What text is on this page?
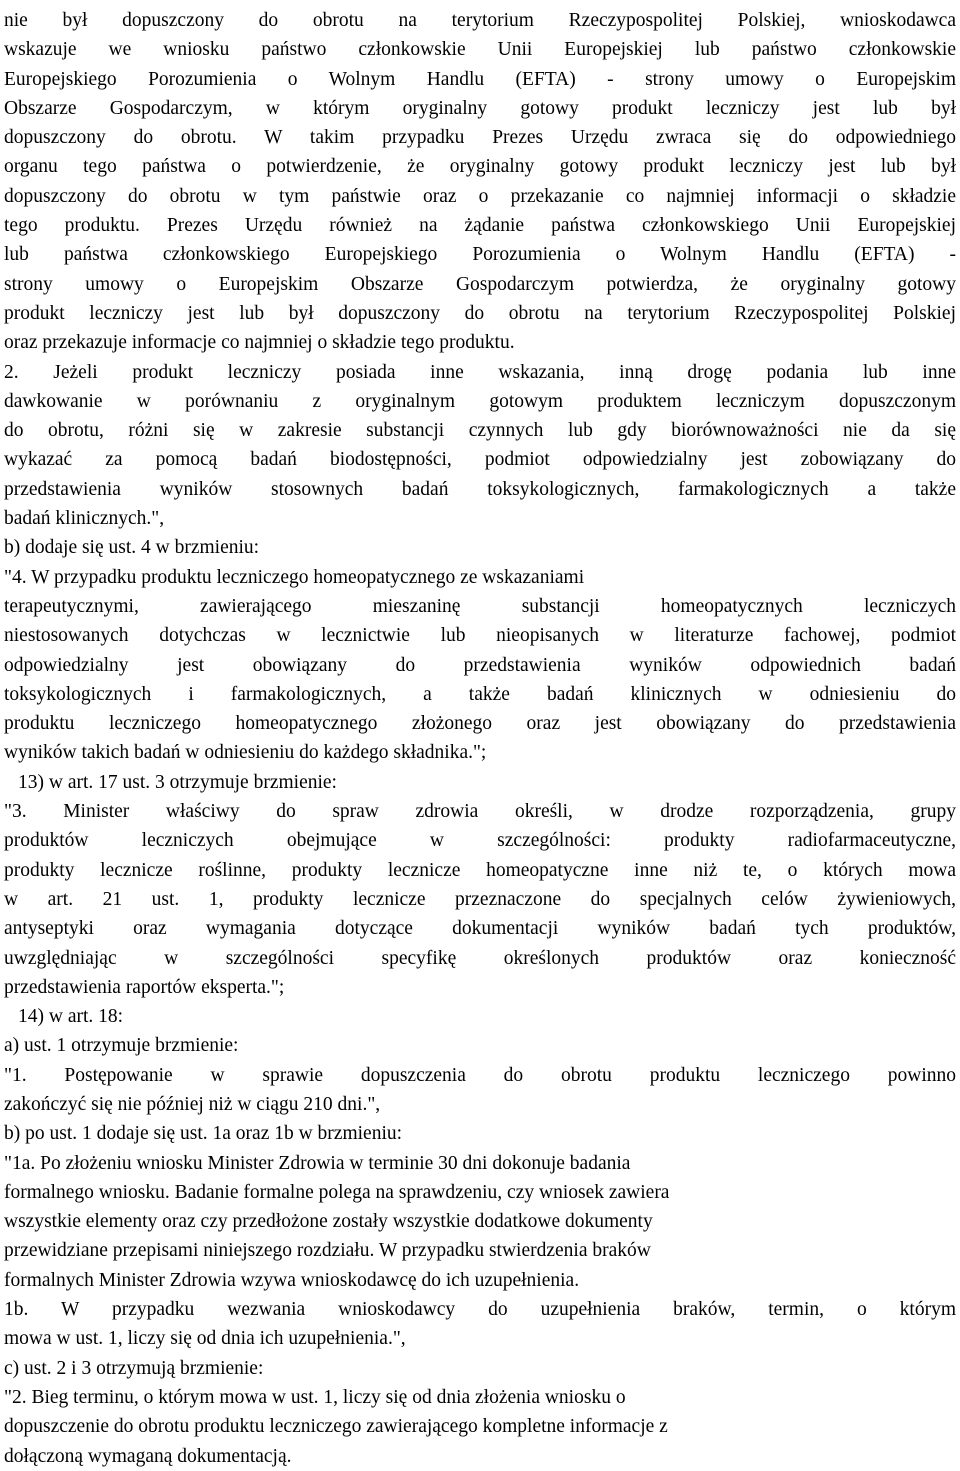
nie był dopuszczony do obrotu na terytorium Rzeczypospolitej Polskiej, wnioskodawca
wskazuje we wniosku państwo członkowskie Unii Europejskiej lub państwo członkowskie
Europejskiego Porozumienia o Wolnym Handlu (EFTA) - strony umowy o Europejskim
Obszarze Gospodarczym, w którym oryginalny gotowy produkt leczniczy jest lub był
dopuszczony do obrotu. W takim przypadku Prezes Urzędu zwraca się do odpowiedniego
organu tego państwa o potwierdzenie, że oryginalny gotowy produkt leczniczy jest lub był
dopuszczony do obrotu w tym państwie oraz o przekazanie co najmniej informacji o składzie
tego produktu. Prezes Urzędu również na żądanie państwa członkowskiego Unii Europejskiej
lub państwa członkowskiego Europejskiego Porozumienia o Wolnym Handlu (EFTA) -
strony umowy o Europejskim Obszarze Gospodarczym potwierdza, że oryginalny gotowy
produkt leczniczy jest lub był dopuszczony do obrotu na terytorium Rzeczypospolitej Polskiej
oraz przekazuje informacje co najmniej o składzie tego produktu.
2. Jeżeli produkt leczniczy posiada inne wskazania, inną drogę podania lub inne
dawkowanie w porównaniu z oryginalnym gotowym produktem leczniczym dopuszczonym
do obrotu, różni się w zakresie substancji czynnych lub gdy biorównoważności nie da się
wykazać za pomocą badań biodostępności, podmiot odpowiedzialny jest zobowiązany do
przedstawienia wyników stosownych badań toksykologicznych, farmakologicznych a także
badań klinicznych.",
b) dodaje się ust. 4 w brzmieniu:
"4. W przypadku produktu leczniczego homeopatycznego ze wskazaniami
terapeutycznymi, zawierającego mieszaninę substancji homeopatycznych leczniczych
niestosowanych dotychczas w lecznictwie lub nieopisanych w literaturze fachowej, podmiot
odpowiedzialny jest obowiązany do przedstawienia wyników odpowiednich badań
toksykologicznych i farmakologicznych, a także badań klinicznych w odniesieniu do
produktu leczniczego homeopatycznego złożonego oraz jest obowiązany do przedstawienia
wyników takich badań w odniesieniu do każdego składnika.";
13) w art. 17 ust. 3 otrzymuje brzmienie:
"3. Minister właściwy do spraw zdrowia określi, w drodze rozporządzenia, grupy
produktów leczniczych obejmujące w szczególności: produkty radiofarmaceutyczne,
produkty lecznicze roślinne, produkty lecznicze homeopatyczne inne niż te, o których mowa
w art. 21 ust. 1, produkty lecznicze przeznaczone do specjalnych celów żywieniowych,
antyseptyki oraz wymagania dotyczące dokumentacji wyników badań tych produktów,
uwzględniając w szczególności specyfikę określonych produktów oraz konieczność
przedstawienia raportów eksperta.";
14) w art. 18:
a) ust. 1 otrzymuje brzmienie:
"1. Postępowanie w sprawie dopuszczenia do obrotu produktu leczniczego powinno
zakończyć się nie później niż w ciągu 210 dni.",
b) po ust. 1 dodaje się ust. 1a oraz 1b w brzmieniu:
"1a. Po złożeniu wniosku Minister Zdrowia w terminie 30 dni dokonuje badania
formalnego wniosku. Badanie formalne polega na sprawdzeniu, czy wniosek zawiera
wszystkie elementy oraz czy przedłożone zostały wszystkie dodatkowe dokumenty
przewidziane przepisami niniejszego rozdziału. W przypadku stwierdzenia braków
formalnych Minister Zdrowia wzywa wnioskodawcę do ich uzupełnienia.
1b. W przypadku wezwania wnioskodawcy do uzupełnienia braków, termin, o którym
mowa w ust. 1, liczy się od dnia ich uzupełnienia.",
c) ust. 2 i 3 otrzymują brzmienie:
"2. Bieg terminu, o którym mowa w ust. 1, liczy się od dnia złożenia wniosku o
dopuszczenie do obrotu produktu leczniczego zawierającego kompletne informacje z
dołączoną wymaganą dokumentacją.
